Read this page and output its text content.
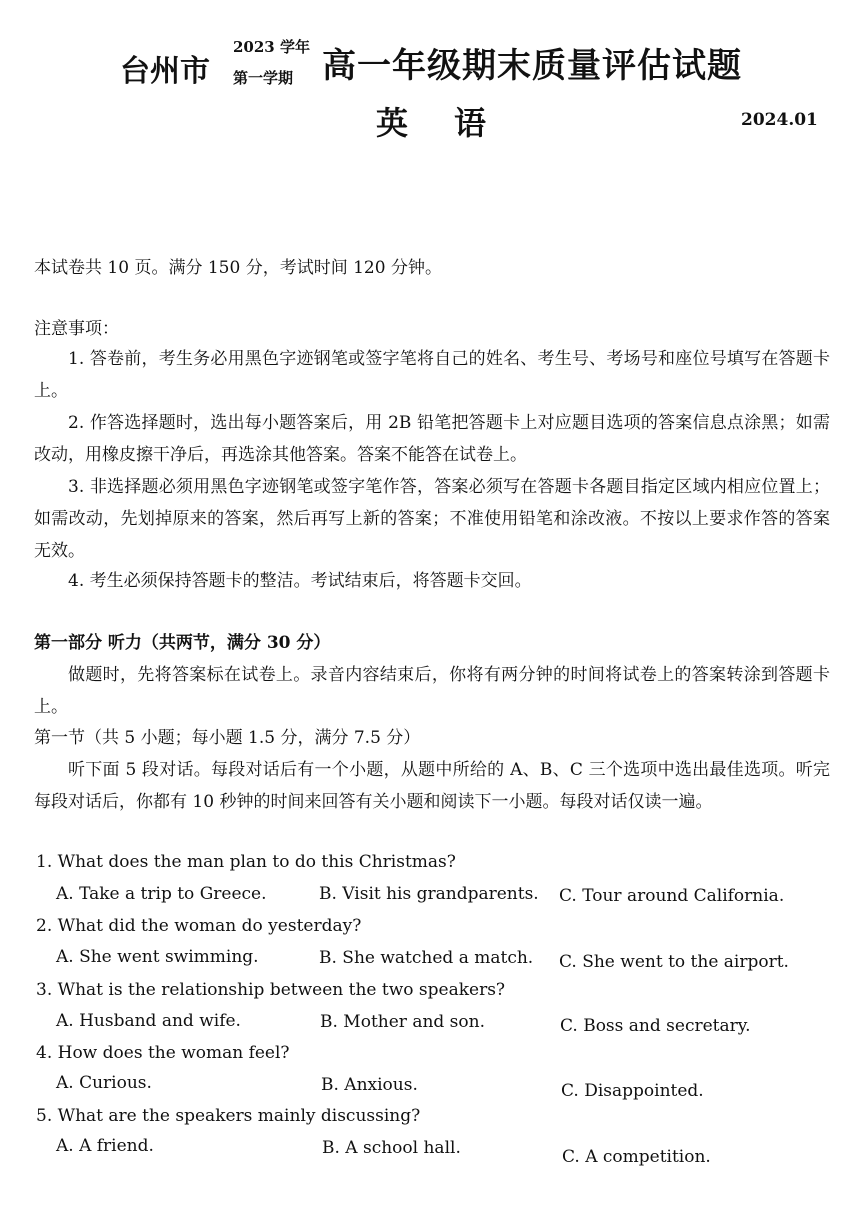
台州市
2023 学年
第一学期 高一年级期末质量评估试题
英语	2024.01
本试卷共 10 页。满分 150 分，考试时间 120 分钟。
注意事项：
1. 答卷前，考生务必用黑色字迹钢笔或签字笔将自己的姓名、考生号、考场号和座位号填写在答题卡上。
2. 作答选择题时，选出每小题答案后，用 2B 铅笔把答题卡上对应题目选项的答案信息点涂黑；如需改动，用橡皮擦干净后，再选涂其他答案。答案不能答在试卷上。
3. 非选择题必须用黑色字迹钢笔或签字笔作答，答案必须写在答题卡各题目指定区域内相应位置上；如需改动，先划掉原来的答案，然后再写上新的答案；不准使用铅笔和涂改液。不按以上要求作答的答案无效。
4. 考生必须保持答题卡的整洁。考试结束后，将答题卡交回。
第一部分 听力（共两节，满分 30 分）
做题时，先将答案标在试卷上。录音内容结束后，你将有两分钟的时间将试卷上的答案转涂到答题卡上。
第一节（共 5 小题；每小题 1.5 分，满分 7.5 分）
听下面 5 段对话。每段对话后有一个小题，从题中所给的 A、B、C 三个选项中选出最佳选项。听完每段对话后，你都有 10 秒钟的时间来回答有关小题和阅读下一小题。每段对话仅读一遍。
1. What does the man plan to do this Christmas?
A. Take a trip to Greece.	B. Visit his grandparents. C. Tour around California.
2. What did the woman do yesterday?
A. She went swimming.	B. She watched a match. C. She went to the airport.
3. What is the relationship between the two speakers?
A. Husband and wife.	B. Mother and son.	C. Boss and secretary.
4. How does the woman feel?
A. Curious.	B. Anxious.	C. Disappointed.
5. What are the speakers mainly discussing?
A. A friend.	B. A school hall.	C. A competition.
